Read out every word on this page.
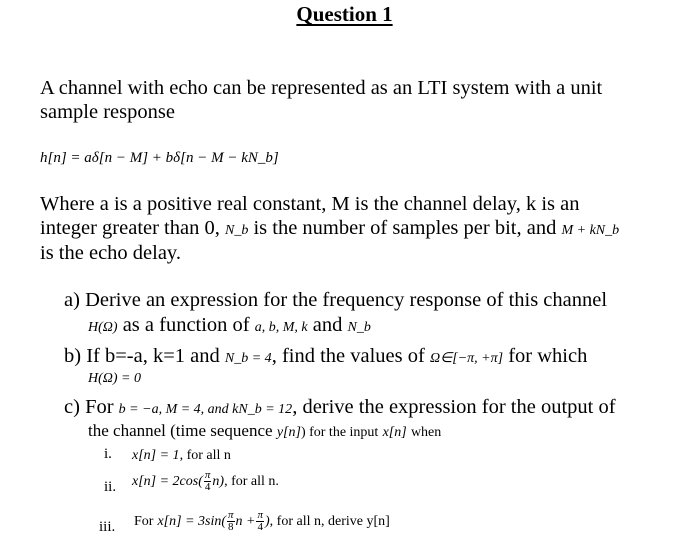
Question 1
A channel with echo can be represented as an LTI system with a unit
sample response
h[n] = aδ[n − M] + bδ[n − M − kN_b]
Where a is a positive real constant, M is the channel delay, k is an
integer greater than 0, N_b is the number of samples per bit, and M + kN_b
is the echo delay.
a) Derive an expression for the frequency response of this channel
H(Ω) as a function of a, b, M, k and N_b
b) If b=-a, k=1 and N_b = 4, find the values of Ω∈[−π, +π] for which
H(Ω) = 0
c) For b = −a, M = 4, and kN_b = 12, derive the expression for the output of
the channel (time sequence y[n]) for the input x[n] when
i. x[n] = 1, for all n
ii. $x[n] = 2\cos( \frac{\pi}{4} n)$, for all n.
iii. For $x[n] = 3\sin( \frac{\pi}{8}$ $n + \frac{\pi}{4}$ ), for all n, derive y[n]
